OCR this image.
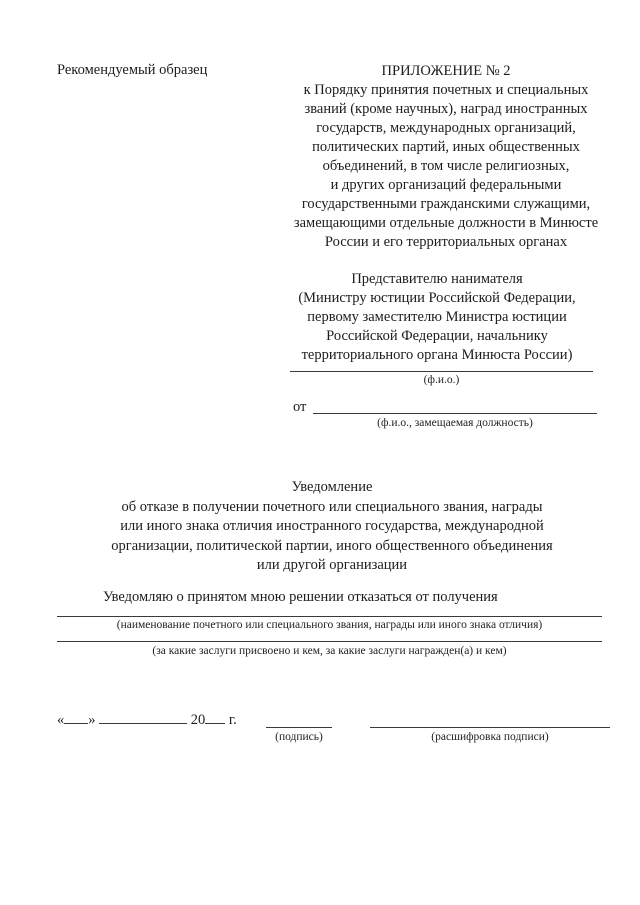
Рекомендуемый образец	ПРИЛОЖЕНИЕ № 2
к Порядку принятия почетных и специальных
званий (кроме научных), наград иностранных
государств, международных организаций,
политических партий, иных общественных
объединений, в том числе религиозных,
и других организаций федеральными
государственными гражданскими служащими,
замещающими отдельные должности в Минюсте
России и его территориальных органах
Представителю нанимателя
(Министру юстиции Российской Федерации,
первому заместителю Министра юстиции
Российской Федерации, начальнику
территориального органа Минюста России)
(ф.и.о.)
от
(ф.и.о., замещаемая должность)
Уведомление
об отказе в получении почетного или специального звания, награды
или иного знака отличия иностранного государства, международной
организации, политической партии, иного общественного объединения
или другой организации
Уведомляю о принятом мною решении отказаться от получения
(наименование почетного или специального звания, награды или иного знака отличия)
(за какие заслуги присвоено и кем, за какие заслуги награжден(а) и кем)
« »	20 г.
(подпись)	(расшифровка подписи)
